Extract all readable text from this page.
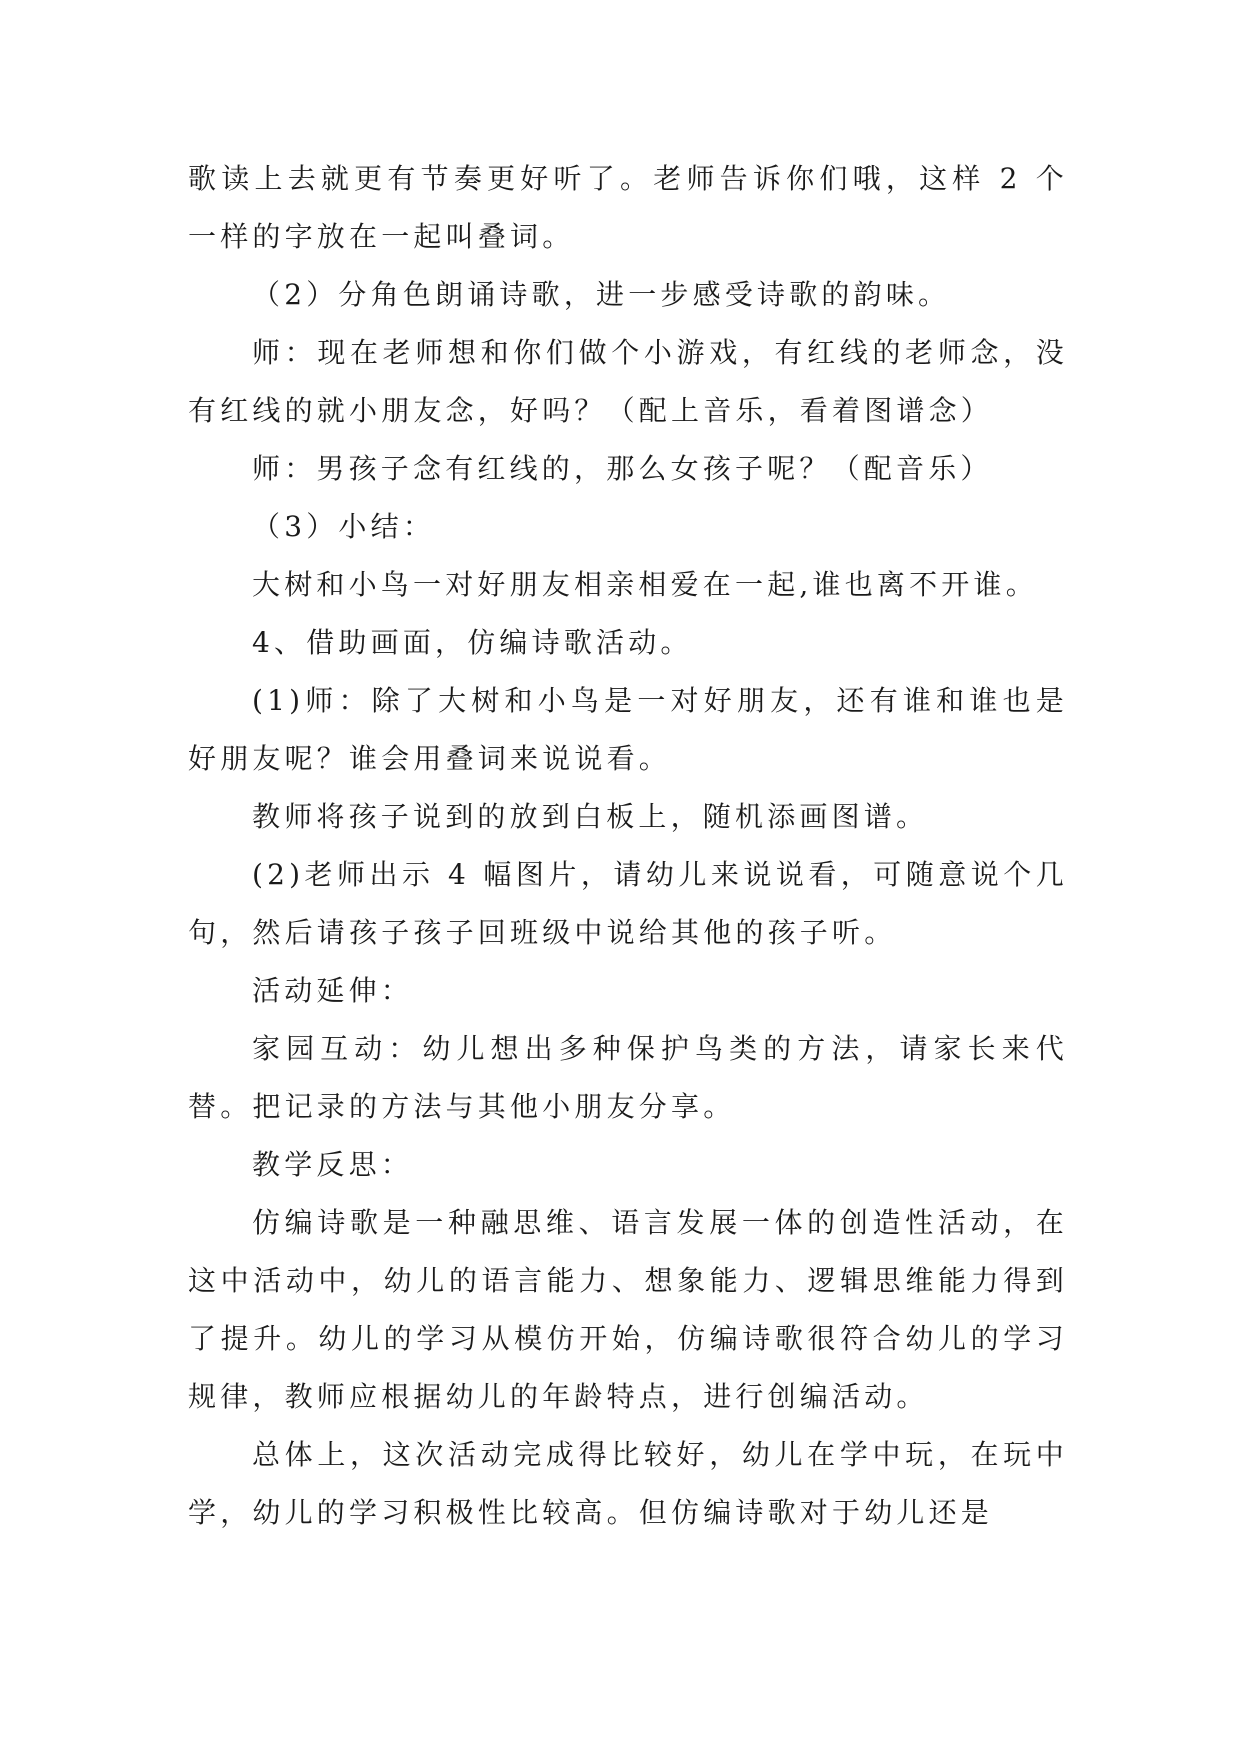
歌读上去就更有节奏更好听了。老师告诉你们哦，这样 2 个一样的字放在一起叫叠词。

（2）分角色朗诵诗歌，进一步感受诗歌的韵味。

师：现在老师想和你们做个小游戏，有红线的老师念，没有红线的就小朋友念，好吗？（配上音乐，看着图谱念）

师：男孩子念有红线的，那么女孩子呢？（配音乐）

（3）小结：

大树和小鸟一对好朋友相亲相爱在一起,谁也离不开谁。

4、借助画面，仿编诗歌活动。

(1)师：除了大树和小鸟是一对好朋友，还有谁和谁也是好朋友呢？谁会用叠词来说说看。

教师将孩子说到的放到白板上，随机添画图谱。

(2)老师出示 4 幅图片，请幼儿来说说看，可随意说个几句，然后请孩子孩子回班级中说给其他的孩子听。

活动延伸：

家园互动：幼儿想出多种保护鸟类的方法，请家长来代替。把记录的方法与其他小朋友分享。

教学反思：

仿编诗歌是一种融思维、语言发展一体的创造性活动，在这中活动中，幼儿的语言能力、想象能力、逻辑思维能力得到了提升。幼儿的学习从模仿开始，仿编诗歌很符合幼儿的学习规律，教师应根据幼儿的年龄特点，进行创编活动。

总体上，这次活动完成得比较好，幼儿在学中玩，在玩中学，幼儿的学习积极性比较高。但仿编诗歌对于幼儿还是
